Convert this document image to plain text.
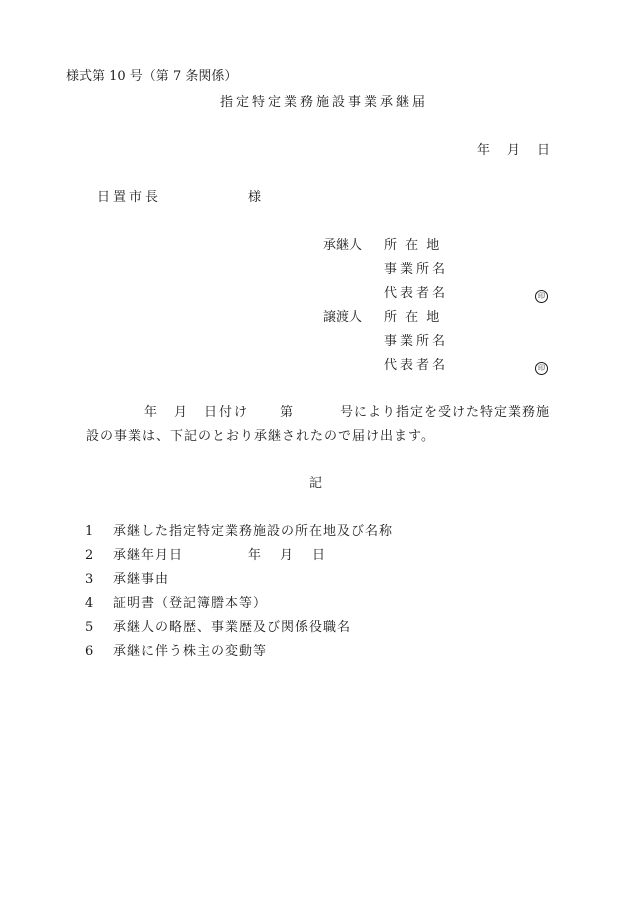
様式第 10 号（第 7 条関係）
指定特定業務施設事業承継届
年 月 日
日置市長	様
承継人 所 在 地
事業所名
代表者名	印
譲渡人 所 在 地
事業所名
代表者名	印
年 月 日付け 第	号により指定を受けた特定業務施
設の事業は、下記のとおり承継されたので届け出ます。
記
1 承継した指定特定業務施設の所在地及び名称
2 承継年月日	年 月 日
3 承継事由
4 証明書（登記簿謄本等）
5 承継人の略歴、事業歴及び関係役職名
6 承継に伴う株主の変動等
